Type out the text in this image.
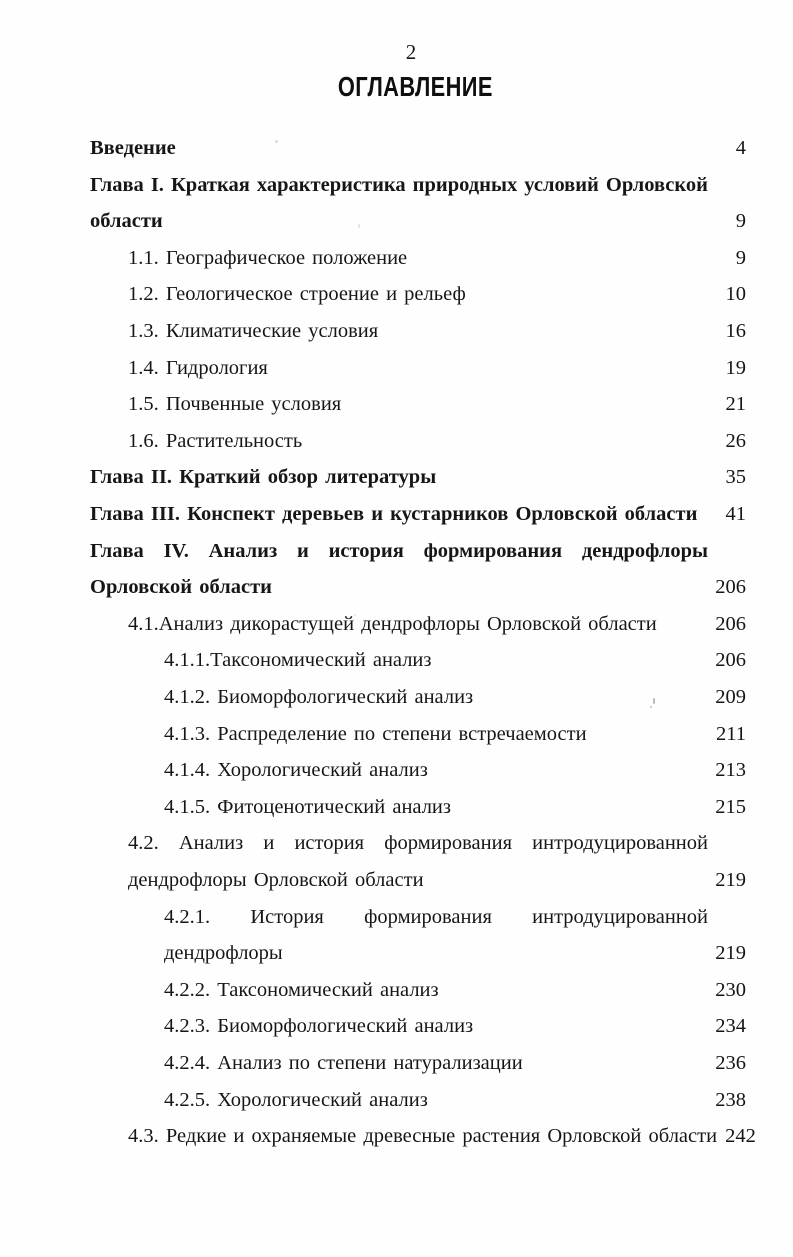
2
ОГЛАВЛЕНИЕ
Введение	4
Глава I. Краткая характеристика природных условий Орловской
области	9
1.1. Географическое положение	9
1.2. Геологическое строение и рельеф	10
1.3. Климатические условия	16
1.4. Гидрология	19
1.5. Почвенные условия	21
1.6. Растительность	26
Глава II. Краткий обзор литературы	35
Глава III. Конспект деревьев и кустарников Орловской области	41
Глава IV. Анализ и история формирования дендрофлоры
Орловской области	206
4.1.Анализ дикорастущей дендрофлоры Орловской области	206
4.1.1.Таксономический анализ	206
4.1.2. Биоморфологический анализ	209
4.1.3. Распределение по степени встречаемости	211
4.1.4. Хорологический анализ	213
4.1.5. Фитоценотический анализ	215
4.2. Анализ и история формирования интродуцированной
дендрофлоры Орловской области	219
4.2.1. История формирования интродуцированной
дендрофлоры	219
4.2.2. Таксономический анализ	230
4.2.3. Биоморфологический анализ	234
4.2.4. Анализ по степени натурализации	236
4.2.5. Хорологический анализ	238
4.3. Редкие и охраняемые древесные растения Орловской области 242
